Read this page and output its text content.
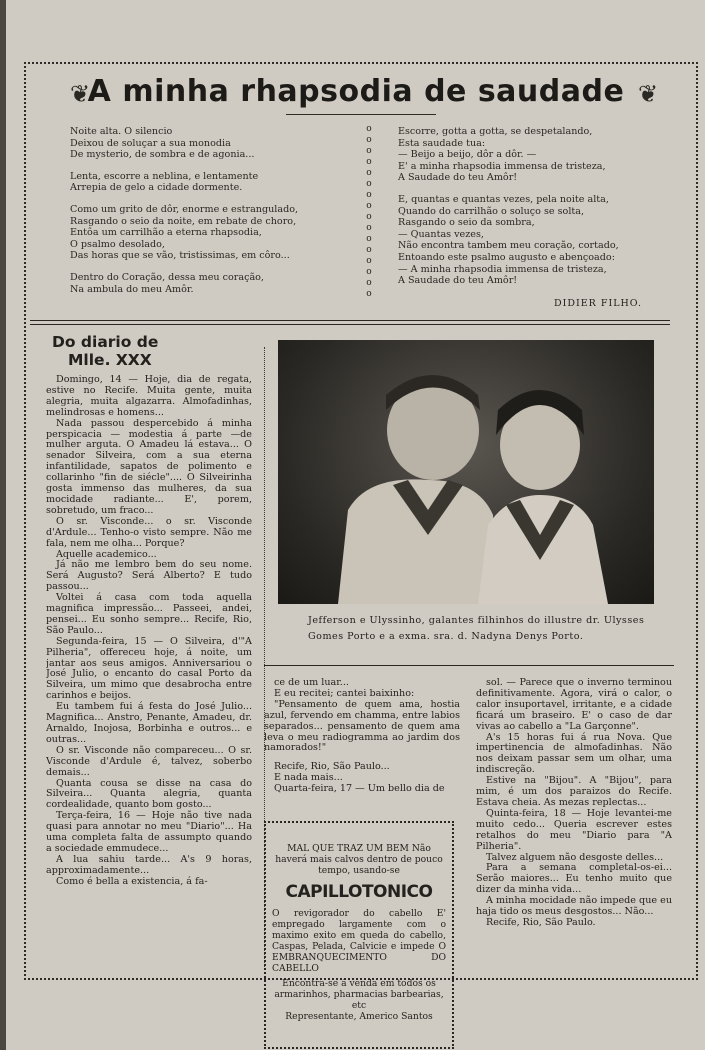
❦	❦
A minha rhapsodia de saudade

Noite alta. O silencio
Deixou de soluçar a sua monodia
De mysterio, de sombra e de agonia...

Lenta, escorre a neblina, e lentamente
Arrepia de gelo a cidade dormente.

Como um grito de dôr, enorme e estrangulado,
Rasgando o seio da noite, em rebate de choro,
Entôa um carrilhão a eterna rhapsodia,
O psalmo desolado,
Das horas que se vão, tristissimas, em côro...

Dentro do Coração, dessa meu coração,
Na ambula do meu Amôr.

o
o
o
o
o
o
o
o
o
o
o
o
o
o
o
o

Escorre, gotta a gotta, se despetalando,
Esta saudade tua:
— Beijo a beijo, dôr a dôr. —
E' a minha rhapsodia immensa de tristeza,
A Saudade do teu Amôr!

E, quantas e quantas vezes, pela noite alta,
Quando do carrilhão o soluço se solta,
Rasgando o seio da sombra,
— Quantas vezes,
Não encontra tambem meu coração, cortado,
Entoando este psalmo augusto e abençoado:
— A minha rhapsodia immensa de tristeza,
A Saudade do teu Amôr!

DIDIER FILHO.
Do diario de
Mlle. XXX

Domingo, 14 — Hoje, dia de regata, estive no Recife. Muita gente, muita alegria, muita algazarra. Almofadinhas, melindrosas e homens...

Nada passou despercebido á minha perspicacia — modestia á parte —de mulher arguta. O Amadeu lá estava... O senador Silveira, com a sua eterna infantilidade, sapatos de polimento e collarinho "fin de siécle".... O Silveirinha gosta immenso das mulheres, da sua mocidade radiante... E', porem, sobretudo, um fraco...

O sr. Visconde... o sr. Visconde d'Ardule... Tenho-o visto sempre. Não me fala, nem me olha... Porque?

Aquelle academico...

Já não me lembro bem do seu nome. Será Augusto? Será Alberto? E tudo passou...

Voltei á casa com toda aquella magnifica impressão... Passeei, andei, pensei... Eu sonho sempre... Recife, Rio, São Paulo...

Segunda-feira, 15 — O Silveira, d'"A Pilheria", offereceu hoje, á noite, um jantar aos seus amigos. Anniversariou o José Julio, o encanto do casal Porto da Silveira, um mimo que desabrocha entre carinhos e beijos.

Eu tambem fui á festa do José Julio... Magnifica... Anstro, Penante, Amadeu, dr. Arnaldo, Inojosa, Borbinha e outros... e outras...

O sr. Visconde não compareceu... O sr. Visconde d'Ardule é, talvez, soberbo demais...

Quanta cousa se disse na casa do Silveira... Quanta alegria, quanta cordealidade, quanto bom gosto...

Terça-feira, 16 — Hoje não tive nada quasi para annotar no meu "Diario"... Ha uma completa falta de assumpto quando a sociedade emmudece...

A lua sahiu tarde... A's 9 horas, approximadamente...

Como é bella a existencia, á fa-

Jefferson e Ulyssinho, galantes filhinhos do illustre dr. Ulysses Gomes Porto e a exma. sra. d. Nadyna Denys Porto.

ce de um luar...

E eu recitei; cantei baixinho:

"Pensamento de quem ama, hostia azul, fervendo em chamma, entre labios separados... pensamento de quem ama leva o meu radiogramma ao jardim dos namorados!"

Recife, Rio, São Paulo...

E nada mais...

Quarta-feira, 17 — Um bello dia de

sol. — Parece que o inverno terminou definitivamente. Agora, virá o calor, o calor insuportavel, irritante, e a cidade ficará um braseiro. E' o caso de dar vivas ao cabello a "La Garçonne".

A's 15 horas fui á rua Nova. Que impertinencia de almofadinhas. Não nos deixam passar sem um olhar, uma indiscreção.

Estive na "Bijou". A "Bijou", para mim, é um dos paraizos do Recife. Estava cheia. As mezas replectas...

Quinta-feira, 18 — Hoje levantei-me muito cedo... Queria escrever estes retalhos do meu "Diario para "A Pilheria".

Talvez alguem não desgoste delles...

Para a semana completal-os-ei... Serão maiores... Eu tenho muito que dizer da minha vida...

A minha mocidade não impede que eu haja tido os meus desgostos... Não...

Recife, Rio, São Paulo.

MAL QUE TRAZ UM BEM Não haverá mais calvos dentro de pouco tempo, usando-se
CAPILLOTONICO
O revigorador do cabello E' empregado largamente com o maximo exito em queda do cabello, Caspas, Pelada, Calvicie e impede O EMBRANQUECIMENTO DO CABELLO
Encontra-se á venda em todos os armarinhos, pharmacias barbearias, etc
Representante, Americo Santos
